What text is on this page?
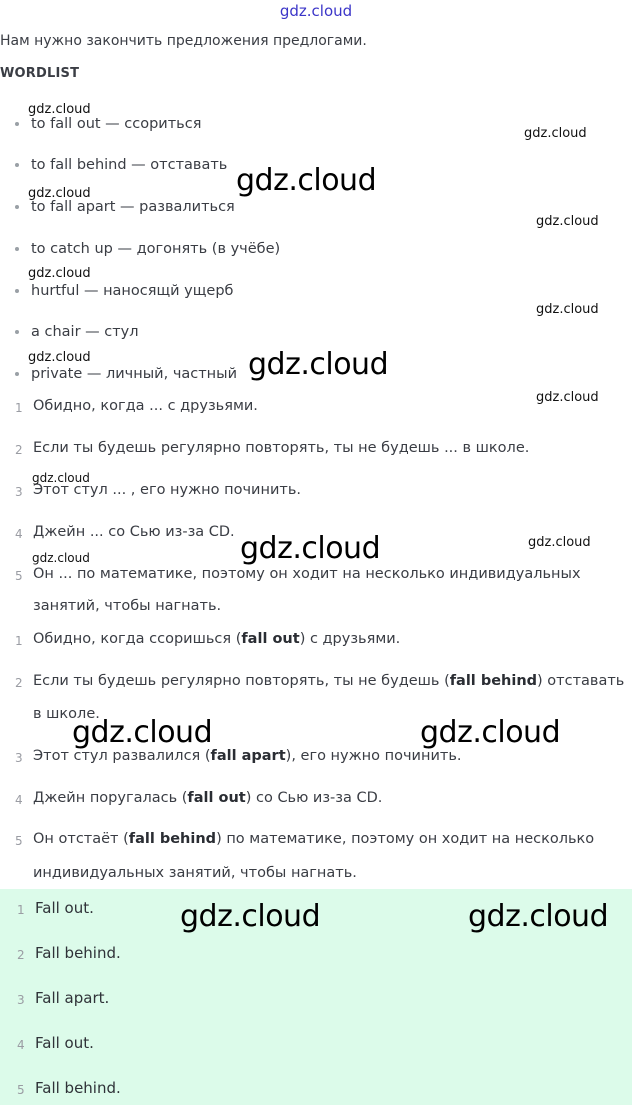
gdz.cloud
Нам нужно закончить предложения предлогами.
WORDLIST
to fall out — ссориться
to fall behind — отставать
to fall apart — развалиться
to catch up — догонять (в учёбе)
hurtful — наносящй ущерб
a chair — стул
private — личный, частный
1 Обидно, когда ... с друзьями.
2 Если ты будешь регулярно повторять, ты не будешь ... в школе.
3 Этот стул ... , его нужно починить.
4 Джейн ... со Сью из-за CD.
5 Он ... по математике, поэтому он ходит на несколько индивидуальных
занятий, чтобы нагнать.
1 Обидно, когда ссоришься (fall out) с друзьями.
2 Если ты будешь регулярно повторять, ты не будешь (fall behind) отставать
в школе.
3 Этот стул развалился (fall apart), его нужно починить.
4 Джейн поругалась (fall out) со Сью из-за CD.
5 Он отстаёт (fall behind) по математике, поэтому он ходит на несколько
индивидуальных занятий, чтобы нагнать.
1 Fall out.
2 Fall behind.
3 Fall apart.
4 Fall out.
5 Fall behind.
gdz.cloud
gdz.cloud
gdz.cloud
gdz.cloud
gdz.cloud
gdz.cloud
gdz.cloud
gdz.cloud
gdz.cloud
gdz.cloud
gdz.cloud
gdz.cloud
gdz.cloud
gdz.cloud
gdz.cloud	gdz.cloud
gdz.cloud	gdz.cloud
